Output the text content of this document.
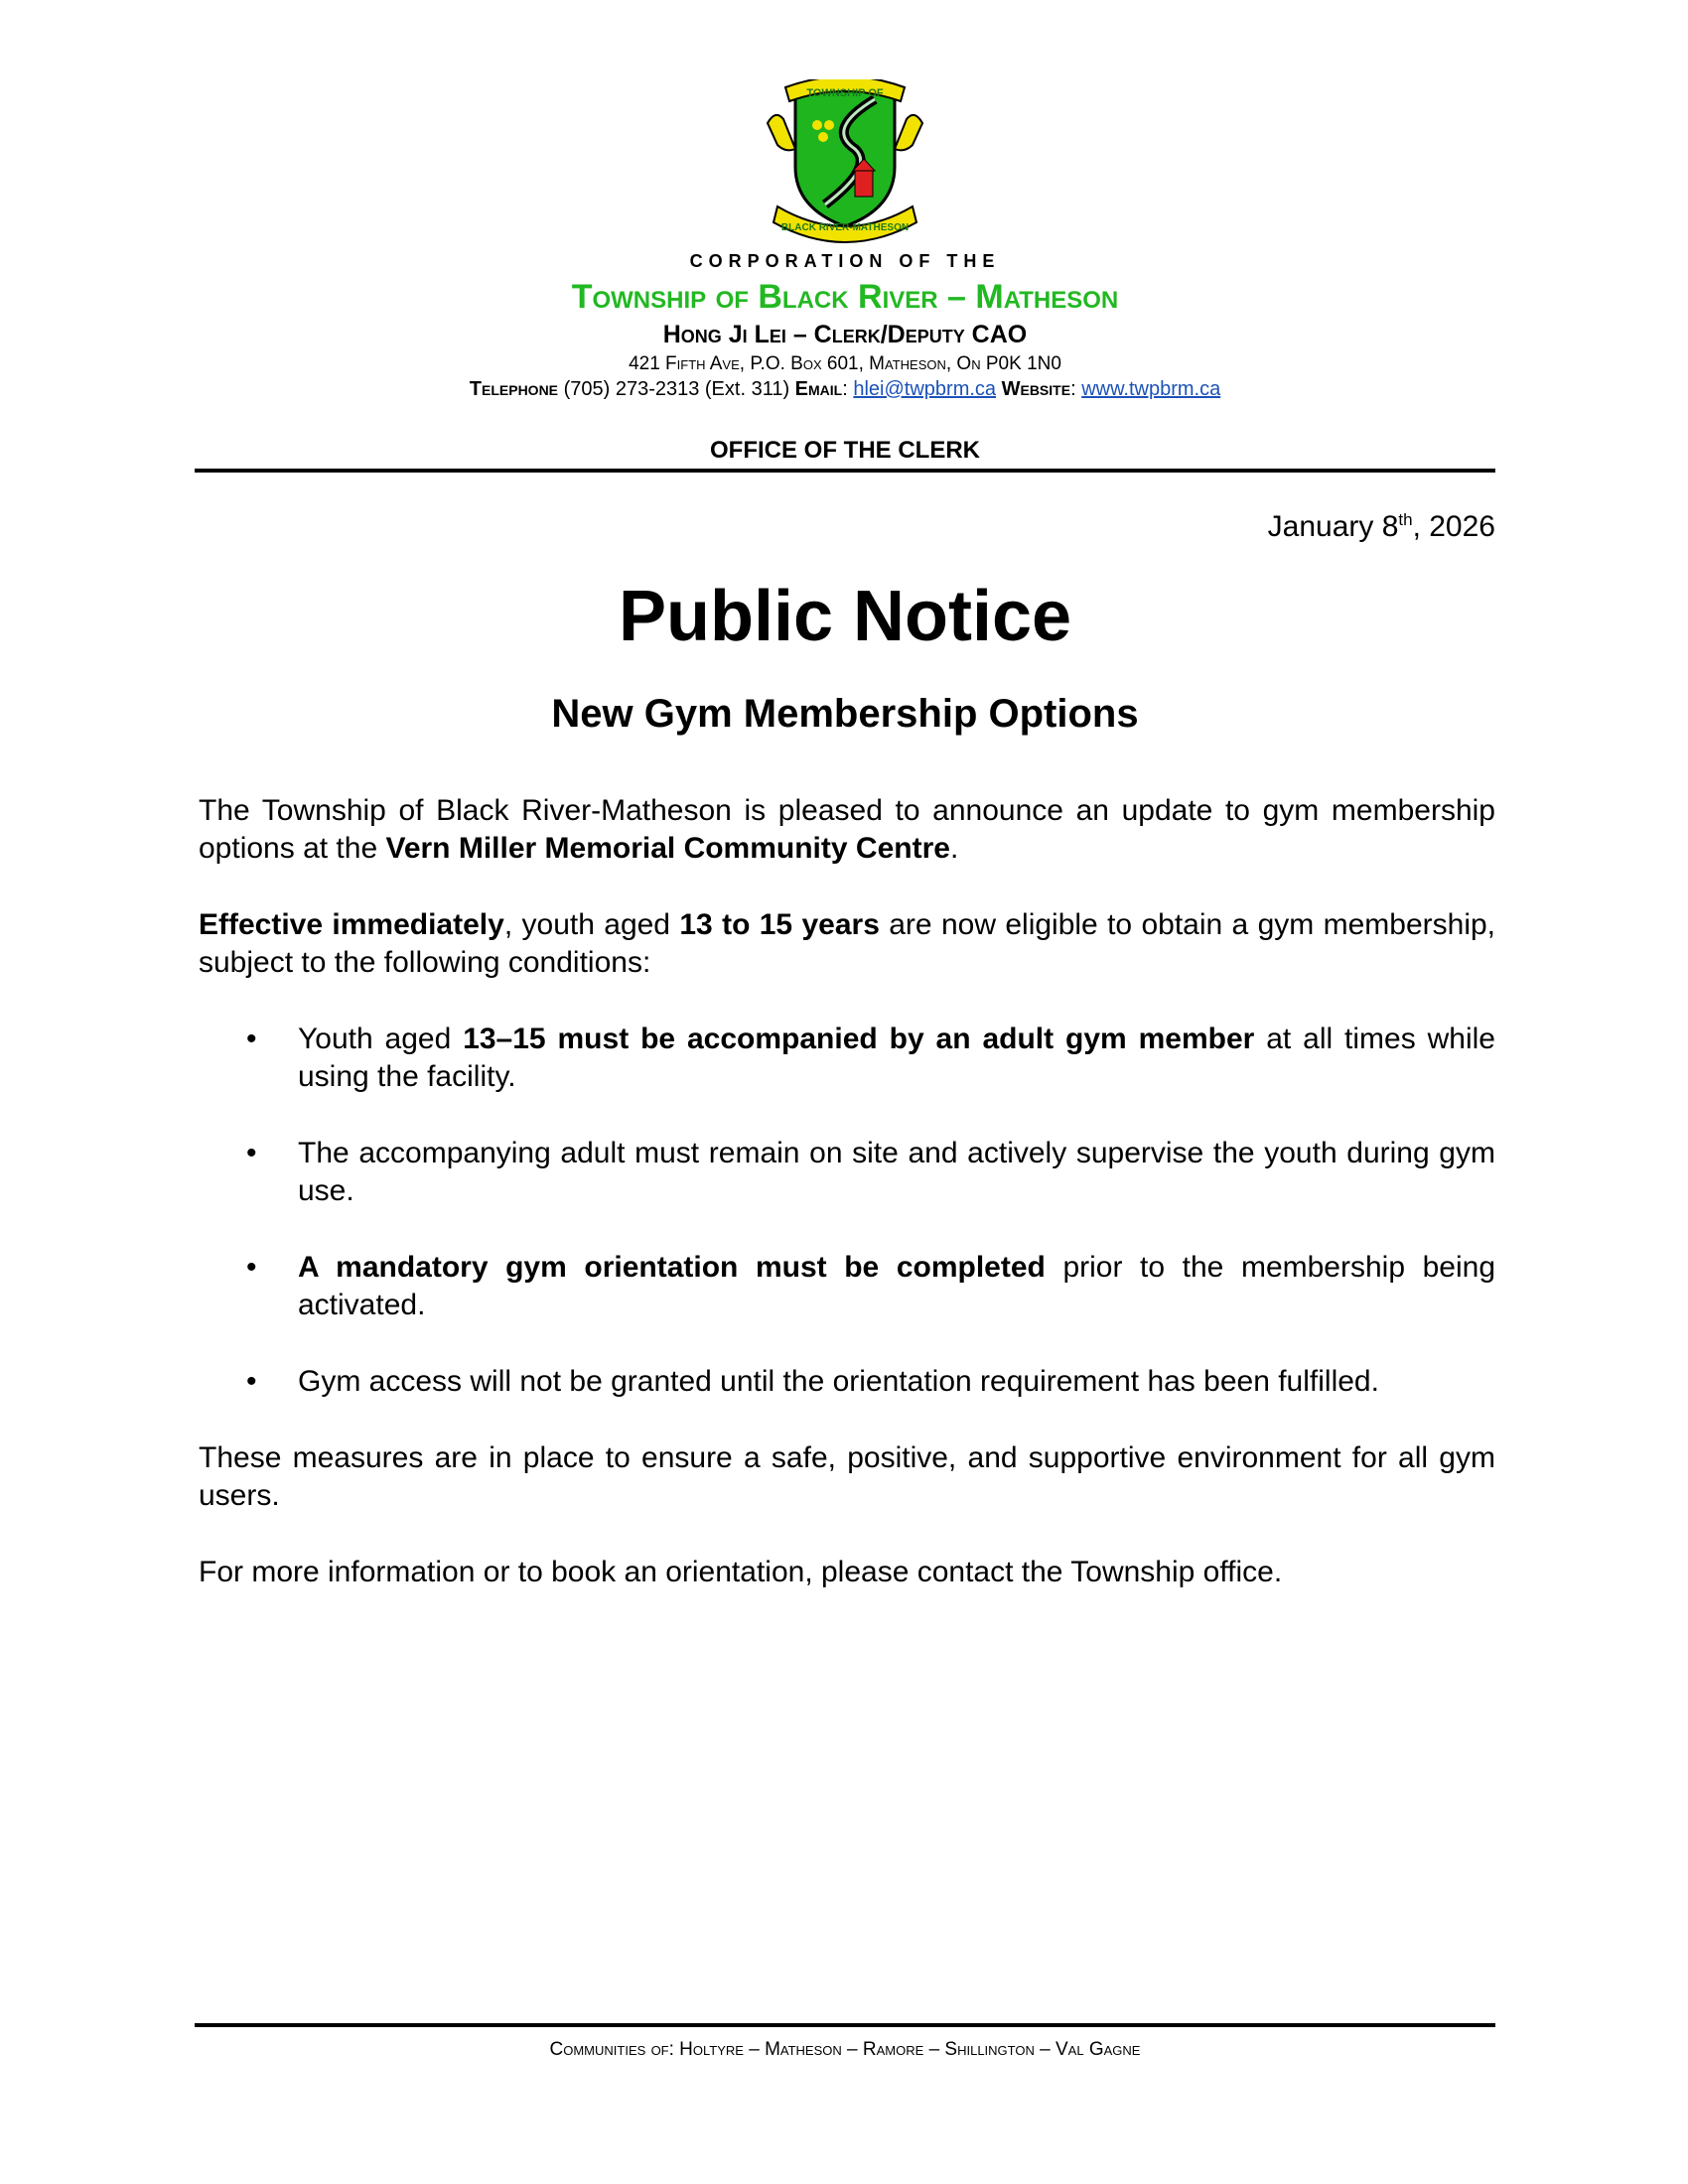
TOWNSHIP OF
BLACK RIVER-MATHESON
CORPORATION OF THE
Township of Black River – Matheson
Hong Ji Lei – Clerk/Deputy CAO
421 Fifth Ave, P.O. Box 601, Matheson, On P0K 1N0
Telephone (705) 273-2313 (Ext. 311) Email: hlei@twpbrm.ca Website: www.twpbrm.ca
OFFICE OF THE CLERK
January 8th, 2026
Public Notice
New Gym Membership Options

The Township of Black River-Matheson is pleased to announce an update to gym membership options at the Vern Miller Memorial Community Centre.

Effective immediately, youth aged 13 to 15 years are now eligible to obtain a gym membership, subject to the following conditions:

• Youth aged 13–15 must be accompanied by an adult gym member at all times while using the facility.
• The accompanying adult must remain on site and actively supervise the youth during gym use.
• A mandatory gym orientation must be completed prior to the membership being activated.
• Gym access will not be granted until the orientation requirement has been fulfilled.

These measures are in place to ensure a safe, positive, and supportive environment for all gym users.

For more information or to book an orientation, please contact the Township office.

Communities of: Holtyre – Matheson – Ramore – Shillington – Val Gagne
